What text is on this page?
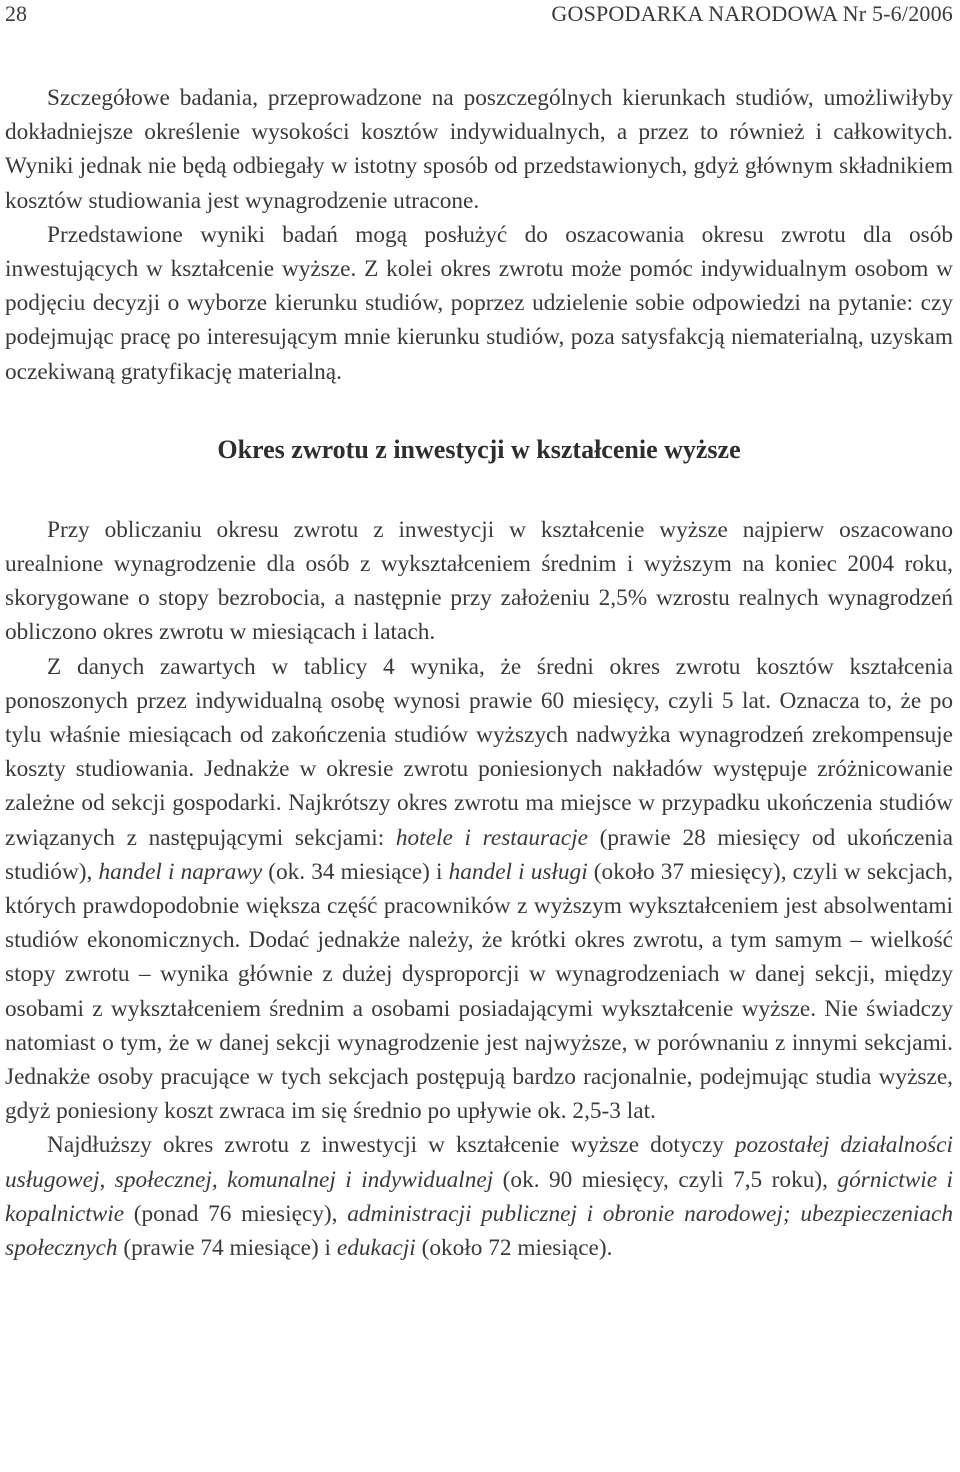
28	GOSPODARKA NARODOWA Nr 5-6/2006

Szczegółowe badania, przeprowadzone na poszczególnych kierunkach studiów, umożliwiłyby dokładniejsze określenie wysokości kosztów indywidualnych, a przez to również i całkowitych. Wyniki jednak nie będą odbiegały w istotny sposób od przedstawionych, gdyż głównym składnikiem kosztów studiowania jest wynagrodzenie utracone.

Przedstawione wyniki badań mogą posłużyć do oszacowania okresu zwrotu dla osób inwestujących w kształcenie wyższe. Z kolei okres zwrotu może pomóc indywidualnym osobom w podjęciu decyzji o wyborze kierunku studiów, poprzez udzielenie sobie odpowiedzi na pytanie: czy podejmując pracę po interesującym mnie kierunku studiów, poza satysfakcją niematerialną, uzyskam oczekiwaną gratyfikację materialną.

Okres zwrotu z inwestycji w kształcenie wyższe

Przy obliczaniu okresu zwrotu z inwestycji w kształcenie wyższe najpierw oszacowano urealnione wynagrodzenie dla osób z wykształceniem średnim i wyższym na koniec 2004 roku, skorygowane o stopy bezrobocia, a następnie przy założeniu 2,5% wzrostu realnych wynagrodzeń obliczono okres zwrotu w miesiącach i latach.

Z danych zawartych w tablicy 4 wynika, że średni okres zwrotu kosztów kształcenia ponoszonych przez indywidualną osobę wynosi prawie 60 miesięcy, czyli 5 lat. Oznacza to, że po tylu właśnie miesiącach od zakończenia studiów wyższych nadwyżka wynagrodzeń zrekompensuje koszty studiowania. Jednakże w okresie zwrotu poniesionych nakładów występuje zróżnicowanie zależne od sekcji gospodarki. Najkrótszy okres zwrotu ma miejsce w przypadku ukończenia studiów związanych z następującymi sekcjami: hotele i restauracje (prawie 28 miesięcy od ukończenia studiów), handel i naprawy (ok. 34 miesiące) i handel i usługi (około 37 miesięcy), czyli w sekcjach, których prawdopodobnie większa część pracowników z wyższym wykształceniem jest absolwentami studiów ekonomicznych. Dodać jednakże należy, że krótki okres zwrotu, a tym samym – wielkość stopy zwrotu – wynika głównie z dużej dysproporcji w wynagrodzeniach w danej sekcji, między osobami z wykształceniem średnim a osobami posiadającymi wykształcenie wyższe. Nie świadczy natomiast o tym, że w danej sekcji wynagrodzenie jest najwyższe, w porównaniu z innymi sekcjami. Jednakże osoby pracujące w tych sekcjach postępują bardzo racjonalnie, podejmując studia wyższe, gdyż poniesiony koszt zwraca im się średnio po upływie ok. 2,5-3 lat.

Najdłuższy okres zwrotu z inwestycji w kształcenie wyższe dotyczy pozostałej działalności usługowej, społecznej, komunalnej i indywidualnej (ok. 90 miesięcy, czyli 7,5 roku), górnictwie i kopalnictwie (ponad 76 miesięcy), administracji publicznej i obronie narodowej; ubezpieczeniach społecznych (prawie 74 miesiące) i edukacji (około 72 miesiące).
